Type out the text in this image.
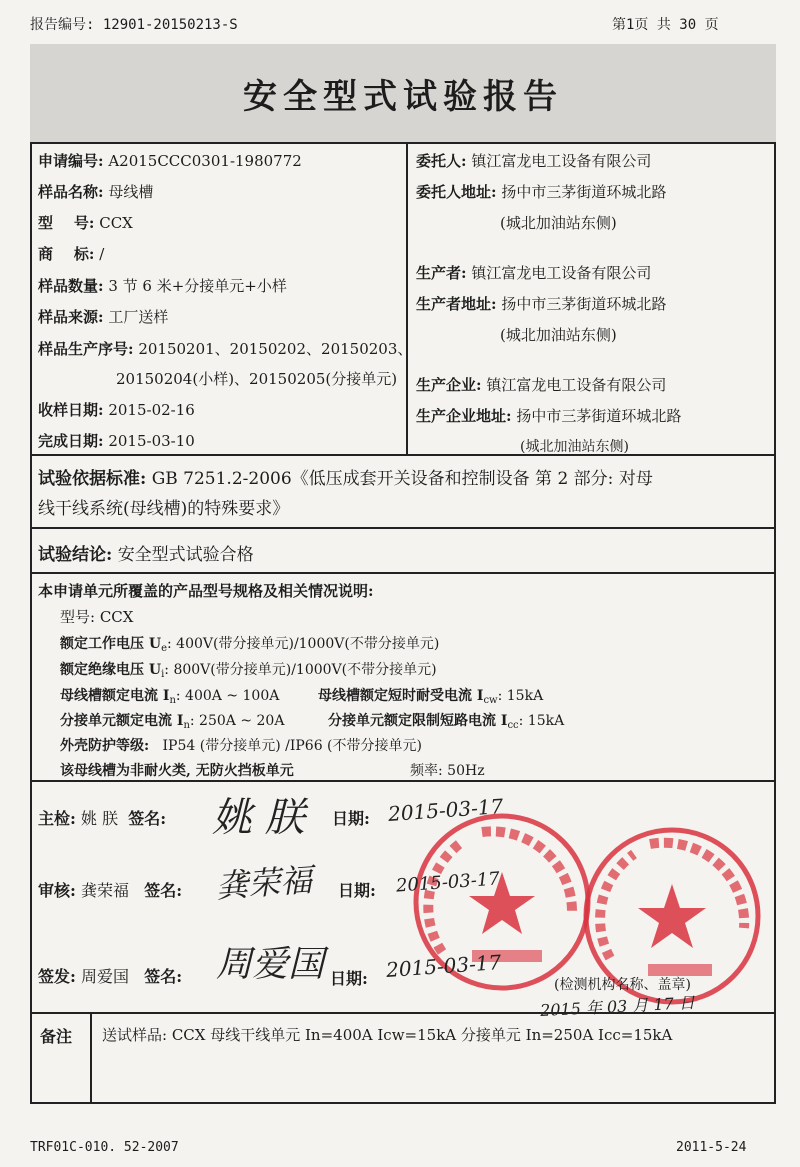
报告编号: 12901-20150213-S	第1页 共 30 页
安全型式试验报告
申请编号: A2015CCC0301-1980772
样品名称: 母线槽
型    号: CCX
商    标: /
样品数量: 3 节 6 米+分接单元+小样
样品来源: 工厂送样
样品生产序号: 20150201、20150202、20150203、
20150204(小样)、20150205(分接单元)
收样日期: 2015-02-16
完成日期: 2015-03-10
委托人: 镇江富龙电工设备有限公司
委托人地址: 扬中市三茅街道环城北路
(城北加油站东侧)
生产者: 镇江富龙电工设备有限公司
生产者地址: 扬中市三茅街道环城北路
(城北加油站东侧)
生产企业: 镇江富龙电工设备有限公司
生产企业地址: 扬中市三茅街道环城北路
(城北加油站东侧)
试验依据标准: GB 7251.2-2006《低压成套开关设备和控制设备 第 2 部分: 对母
线干线系统(母线槽)的特殊要求》
试验结论: 安全型式试验合格
本申请单元所覆盖的产品型号规格及相关情况说明:
型号: CCX
额定工作电压 $U_e$: 400V(带分接单元)/1000V(不带分接单元)
额定绝缘电压 $U_i$: 800V(带分接单元)/1000V(不带分接单元)
母线槽额定电流 $I_n$: 400A ~ 100A	母线槽额定短时耐受电流 $I_{cw}$: 15kA
分接单元额定电流 $I_n$: 250A ~ 20A	分接单元额定限制短路电流 $I_{cc}$: 15kA
外壳防护等级: IP54 (带分接单元) /IP66 (不带分接单元)
该母线槽为非耐火类, 无防火挡板单元	频率: 50Hz
主检: 姚 朕 签名: 姚 朕 日期: 2015-03-17
审核: 龚荣福 签名: 龚荣福 日期: 2015-03-17
签发: 周爱国 签名: 周爱国 日期: 2015-03-17
(检测机构名称、盖章)
2015 年 03 月 17 日
备注 送试样品: CCX 母线干线单元 In=400A Icw=15kA 分接单元 In=250A Icc=15kA
TRF01C-010. 52-2007	2011-5-24
